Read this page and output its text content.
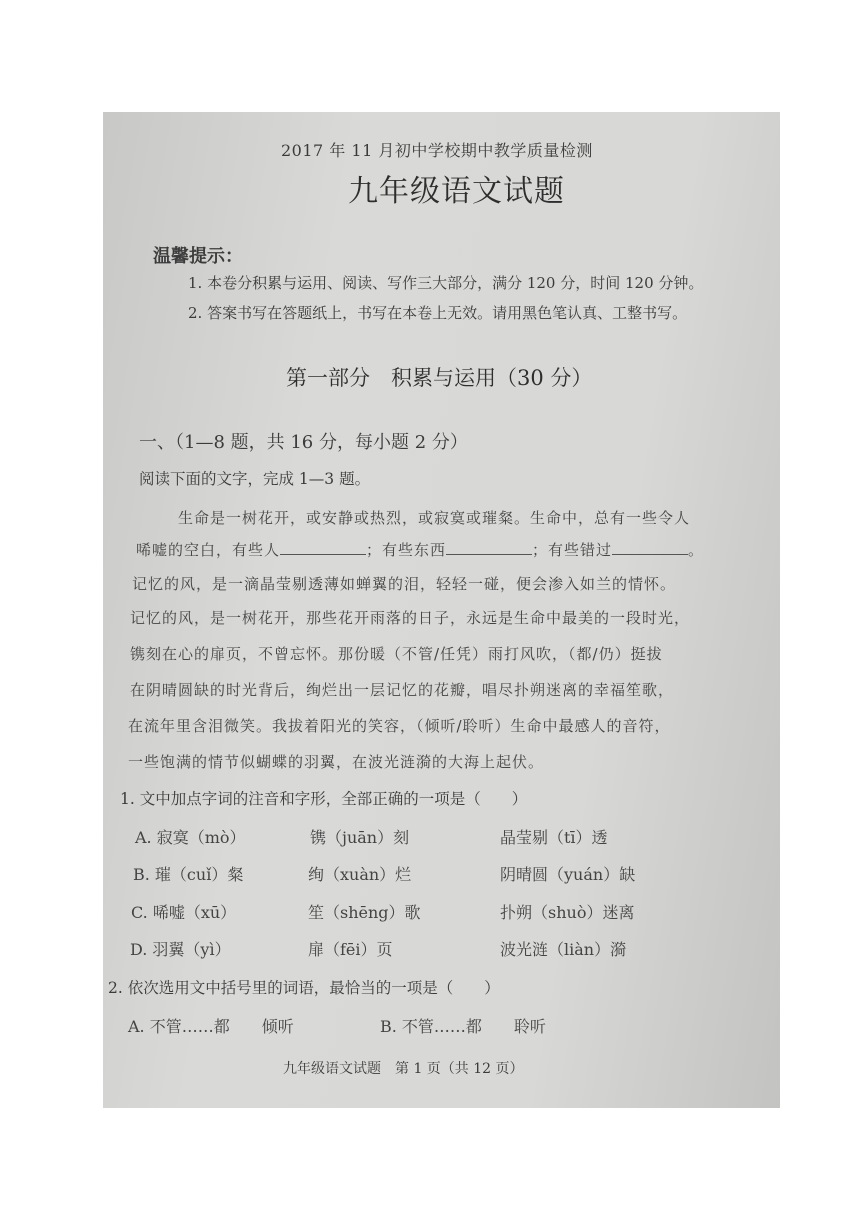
2017 年 11 月初中学校期中教学质量检测
九年级语文试题
温馨提示：
1. 本卷分积累与运用、阅读、写作三大部分，满分 120 分，时间 120 分钟。
2. 答案书写在答题纸上，书写在本卷上无效。请用黑色笔认真、工整书写。
第一部分　积累与运用（30 分）
一、（1—8 题，共 16 分，每小题 2 分）
阅读下面的文字，完成 1—3 题。
生命是一树花开，或安静或热烈，或寂寞或璀粲。生命中，总有一些令人
唏嘘的空白，有些人	；有些东西	；有些错过	。
记忆的风，是一滴晶莹剔透薄如蝉翼的泪，轻轻一碰，便会渗入如兰的情怀。
记忆的风，是一树花开，那些花开雨落的日子，永远是生命中最美的一段时光，
镌刻在心的扉页，不曾忘怀。那份暖（不管/任凭）雨打风吹，（都/仍）挺拔
在阴晴圆缺的时光背后，绚烂出一层记忆的花瓣，唱尽扑朔迷离的幸福笙歌，
在流年里含泪微笑。我拔着阳光的笑容，（倾听/聆听）生命中最感人的音符，
一些饱满的情节似蝴蝶的羽翼，在波光涟漪的大海上起伏。
1. 文中加点字词的注音和字形，全部正确的一项是（　　）
A. 寂寞（mò）	镌（juān）刻	晶莹剔（tī）透
B. 璀（cuǐ）粲	绚（xuàn）烂	阴晴圆（yuán）缺
C. 唏嘘（xū）	笙（shēng）歌	扑朔（shuò）迷离
D. 羽翼（yì）	扉（fēi）页	波光涟（liàn）漪
2. 依次选用文中括号里的词语，最恰当的一项是（　　）
A. 不管……都　　倾听	B. 不管……都　　聆听
九年级语文试题　第 1 页（共 12 页）
